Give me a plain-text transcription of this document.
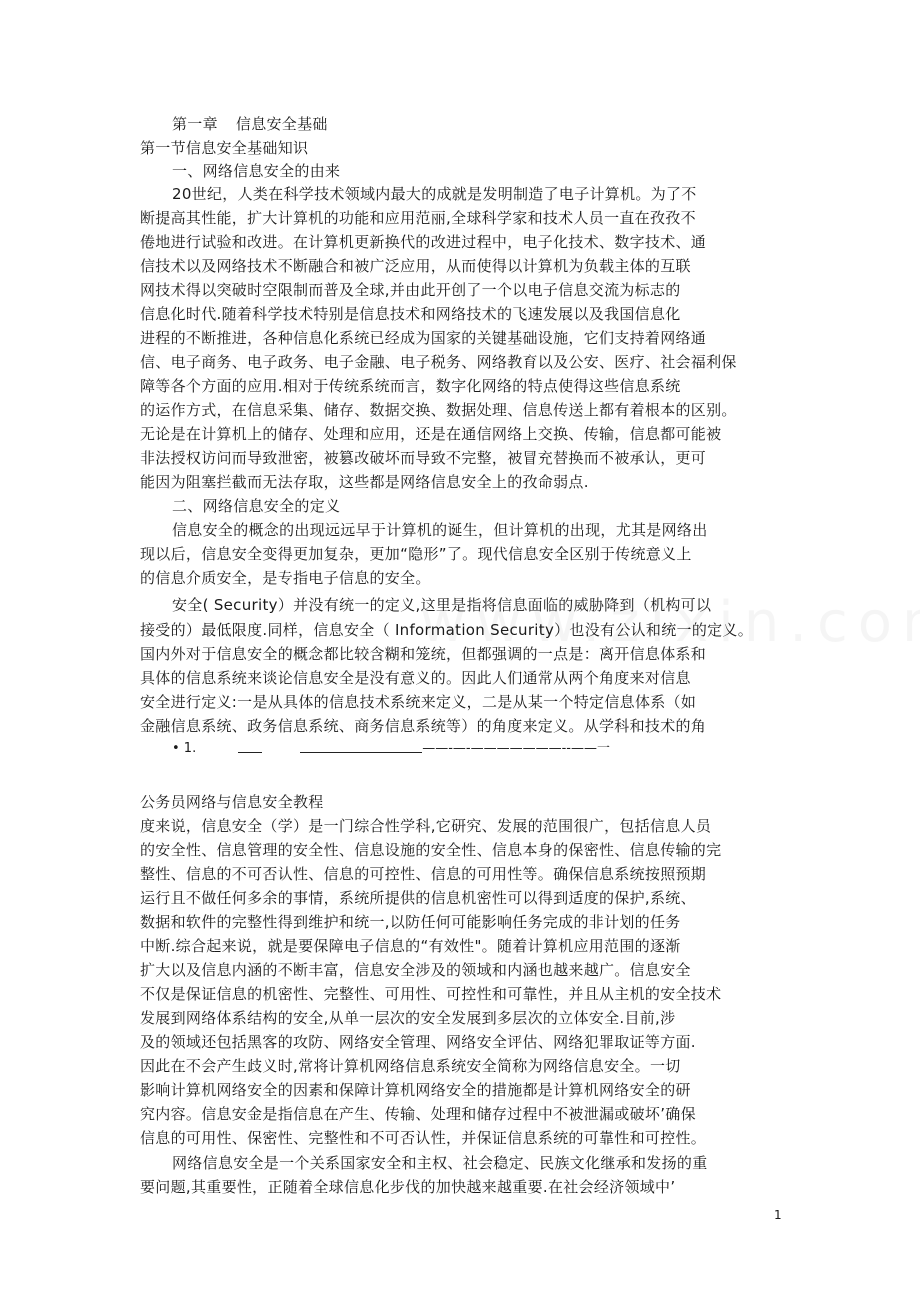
第一章 信息安全基础
第一节信息安全基础知识
一、网络信息安全的由来
20世纪，人类在科学技术领域内最大的成就是发明制造了电子计算机。为了不
断提高其性能，扩大计算机的功能和应用范丽,全球科学家和技术人员一直在孜孜不
倦地进行试验和改进。在计算机更新换代的改进过程中，电子化技术、数字技术、通
信技术以及网络技术不断融合和被广泛应用，从而使得以计算机为负载主体的互联
网技术得以突破时空限制而普及全球,并由此开创了一个以电子信息交流为标志的
信息化时代.随着科学技术特别是信息技术和网络技术的飞速发展以及我国信息化
进程的不断推进，各种信息化系统已经成为国家的关键基础设施，它们支持着网络通
信、电子商务、电子政务、电子金融、电子税务、网络教育以及公安、医疗、社会福利保
障等各个方面的应用.相对于传统系统而言，数字化网络的特点使得这些信息系统
的运作方式，在信息采集、储存、数据交换、数据处理、信息传送上都有着根本的区别。
无论是在计算机上的储存、处理和应用，还是在通信网络上交换、传输，信息都可能被
非法授权访问而导致泄密，被篡改破坏而导致不完整，被冒充替换而不被承认，更可
能因为阻塞拦截而无法存取，这些都是网络信息安全上的孜命弱点.
二、网络信息安全的定义
信息安全的概念的出现远远早于计算机的诞生，但计算机的出现，尤其是网络出
现以后，信息安全变得更加复杂，更加“隐形”了。现代信息安全区别于传统意义上
的信息介质安全，是专指电子信息的安全。
安全( Security）并没有统一的定义,这里是指将信息面临的威胁降到（机构可以
接受的）最低限度.同样，信息安全（ Information Security）也没有公认和统一的定义。
国内外对于信息安全的概念都比较含糊和笼统，但都强调的一点是：离开信息体系和
具体的信息系统来谈论信息安全是没有意义的。因此人们通常从两个角度来对信息
安全进行定义:一是从具体的信息技术系统来定义，二是从某一个特定信息体系（如
金融信息系统、政务信息系统、商务信息系统等）的角度来定义。从学科和技术的角
• 1.	——-—-———————--——一
公务员网络与信息安全教程
度来说，信息安全（学）是一门综合性学科,它研究、发展的范围很广，包括信息人员
的安全性、信息管理的安全性、信息设施的安全性、信息本身的保密性、信息传输的完
整性、信息的不可否认性、信息的可控性、信息的可用性等。确保信息系统按照预期
运行且不做任何多余的事情，系统所提供的信息机密性可以得到适度的保护,系统、
数据和软件的完整性得到维护和统一,以防任何可能影响任务完成的非计划的任务
中断.综合起来说，就是要保障电子信息的“有效性"。随着计算机应用范围的逐渐
扩大以及信息内涵的不断丰富，信息安全涉及的领域和内涵也越来越广。信息安全
不仅是保证信息的机密性、完整性、可用性、可控性和可靠性，并且从主机的安全技术
发展到网络体系结构的安全,从单一层次的安全发展到多层次的立体安全.目前,涉
及的领域还包括黑客的攻防、网络安全管理、网络安全评估、网络犯罪取证等方面.
因此在不会产生歧义时,常将计算机网络信息系统安全简称为网络信息安全。一切
影响计算机网络安全的因素和保障计算机网络安全的措施都是计算机网络安全的研
究内容。信息安金是指信息在产生、传输、处理和储存过程中不被泄漏或破坏’确保
信息的可用性、保密性、完整性和不可否认性，并保证信息系统的可靠性和可控性。
网络信息安全是一个关系国家安全和主权、社会稳定、民族文化继承和发扬的重
要问题,其重要性，正随着全球信息化步伐的加快越来越重要.在社会经济领域中’
1
